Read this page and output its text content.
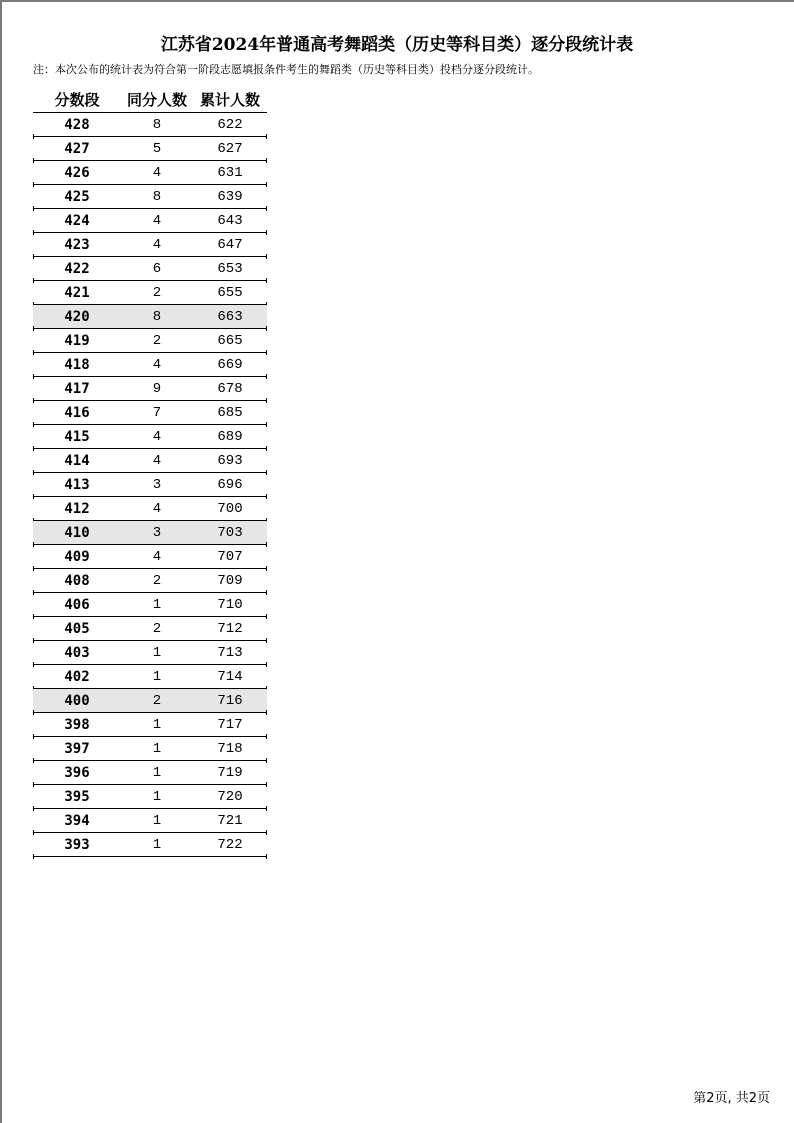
江苏省2024年普通高考舞蹈类（历史等科目类）逐分段统计表
注：本次公布的统计表为符合第一阶段志愿填报条件考生的舞蹈类（历史等科目类）投档分逐分段统计。
分数段	同分人数 累计人数
428	8	622
427	5	627
426	4	631
425	8	639
424	4	643
423	4	647
422	6	653
421	2	655
420	8	663
419	2	665
418	4	669
417	9	678
416	7	685
415	4	689
414	4	693
413	3	696
412	4	700
410	3	703
409	4	707
408	2	709
406	1	710
405	2	712
403	1	713
402	1	714
400	2	716
398	1	717
397	1	718
396	1	719
395	1	720
394	1	721
393	1	722
第2页, 共2页
